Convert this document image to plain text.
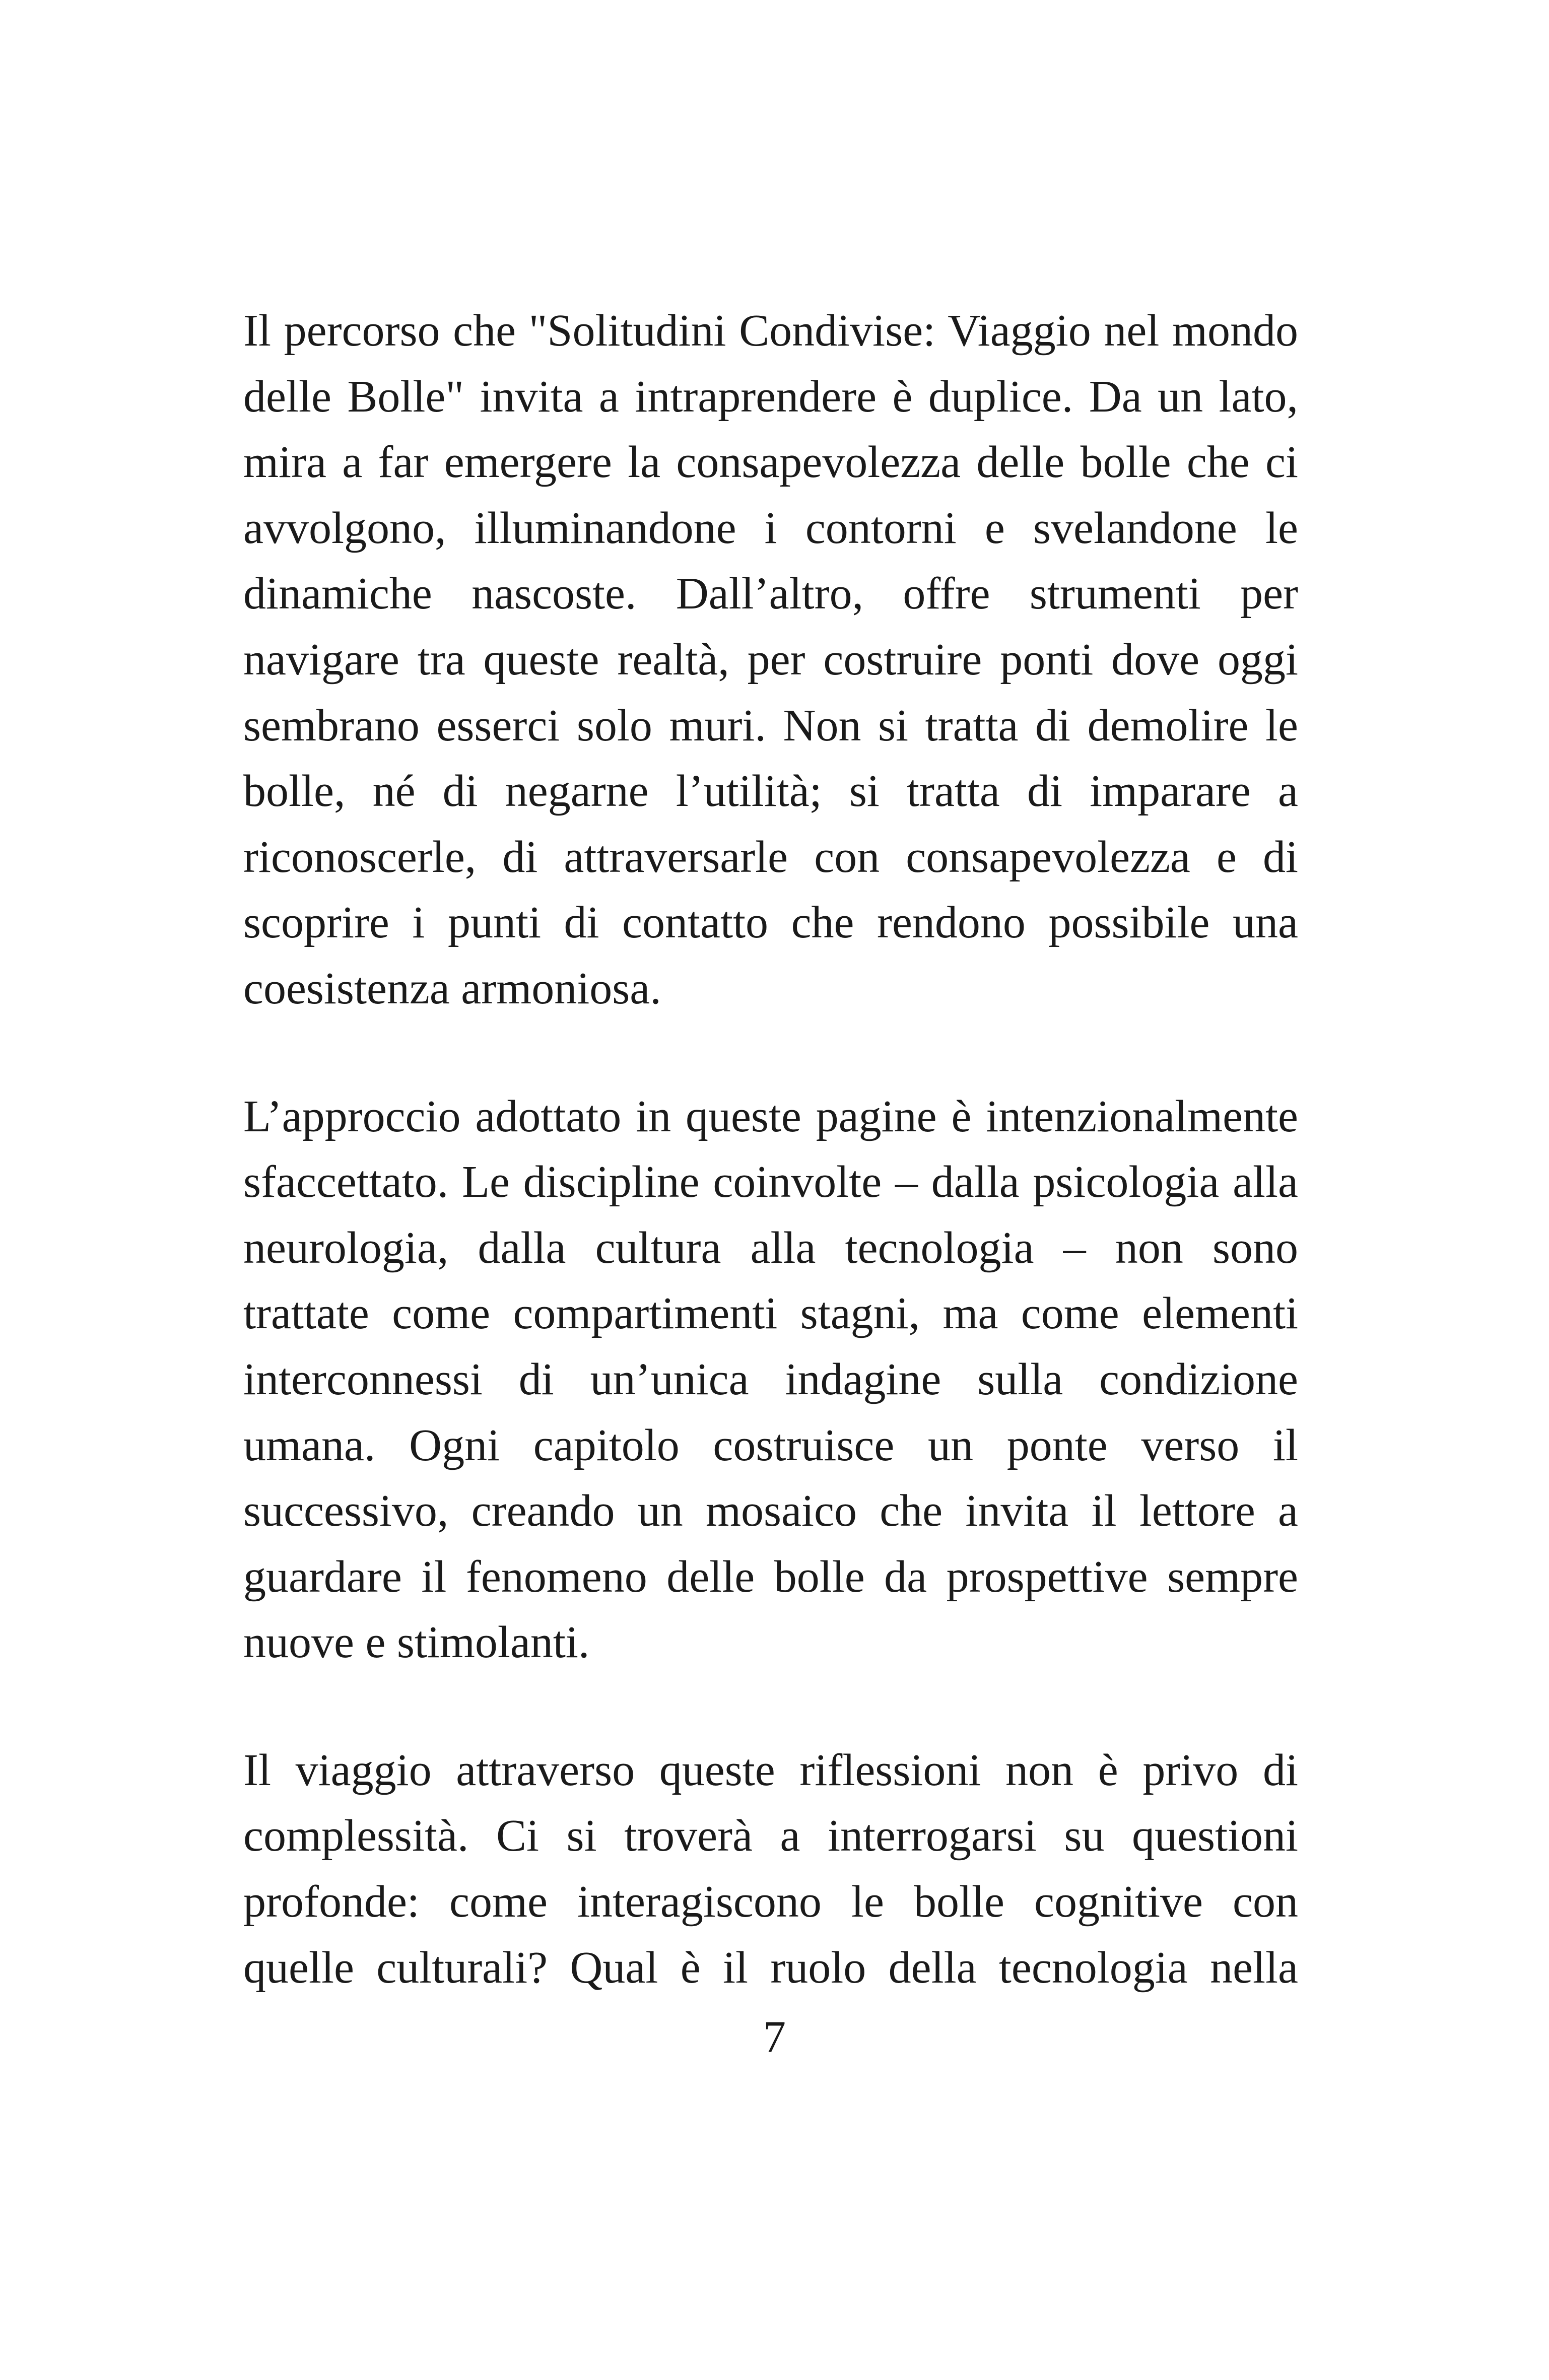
Il percorso che "Solitudini Condivise: Viaggio nel mondo delle Bolle" invita a intraprendere è duplice. Da un lato, mira a far emergere la consapevolezza delle bolle che ci avvolgono, illuminandone i contorni e svelandone le dinamiche nascoste. Dall’altro, offre strumenti per navigare tra queste realtà, per costruire ponti dove oggi sembrano esserci solo muri. Non si tratta di demolire le bolle, né di negarne l’utilità; si tratta di imparare a riconoscerle, di attraversarle con consapevolezza e di scoprire i punti di contatto che rendono possibile una coesistenza armoniosa.

L’approccio adottato in queste pagine è intenzionalmente sfaccettato. Le discipline coinvolte – dalla psicologia alla neurologia, dalla cultura alla tecnologia – non sono trattate come compartimenti stagni, ma come elementi interconnessi di un’unica indagine sulla condizione umana. Ogni capitolo costruisce un ponte verso il successivo, creando un mosaico che invita il lettore a guardare il fenomeno delle bolle da prospettive sempre nuove e stimolanti.

Il viaggio attraverso queste riflessioni non è privo di complessità. Ci si troverà a interrogarsi su questioni profonde: come interagiscono le bolle cognitive con quelle culturali? Qual è il ruolo della tecnologia nella

7
